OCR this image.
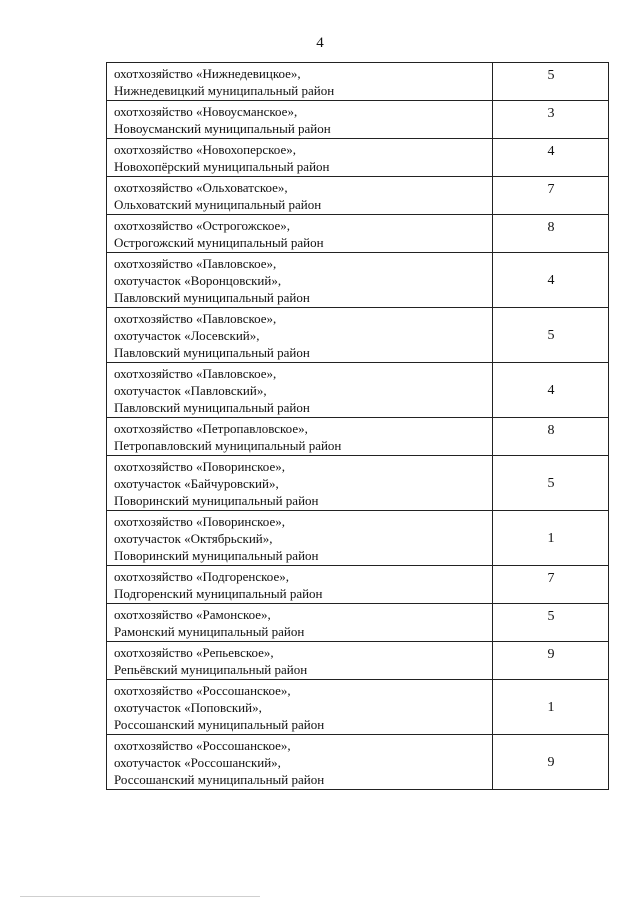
4
охотхозяйство «Нижнедевицкое»,
Нижнедевицкий муниципальный район	5

охотхозяйство «Новоусманское»,
Новоусманский муниципальный район	3

охотхозяйство «Новохоперское»,
Новохопёрский муниципальный район	4

охотхозяйство «Ольховатское»,
Ольховатский муниципальный район	7

охотхозяйство «Острогожское»,
Острогожский муниципальный район	8

охотхозяйство «Павловское»,
охотучасток «Воронцовский»,
Павловский муниципальный район	4

охотхозяйство «Павловское»,
охотучасток «Лосевский»,
Павловский муниципальный район	5

охотхозяйство «Павловское»,
охотучасток «Павловский»,
Павловский муниципальный район	4

охотхозяйство «Петропавловское»,
Петропавловский муниципальный район	8

охотхозяйство «Поворинское»,
охотучасток «Байчуровский»,
Поворинский муниципальный район	5

охотхозяйство «Поворинское»,
охотучасток «Октябрьский»,
Поворинский муниципальный район	1

охотхозяйство «Подгоренское»,
Подгоренский муниципальный район	7

охотхозяйство «Рамонское»,
Рамонский муниципальный район	5

охотхозяйство «Репьевское»,
Репьёвский муниципальный район	9

охотхозяйство «Россошанское»,
охотучасток «Поповский»,
Россошанский муниципальный район	1

охотхозяйство «Россошанское»,
охотучасток «Россошанский»,
Россошанский муниципальный район	9
